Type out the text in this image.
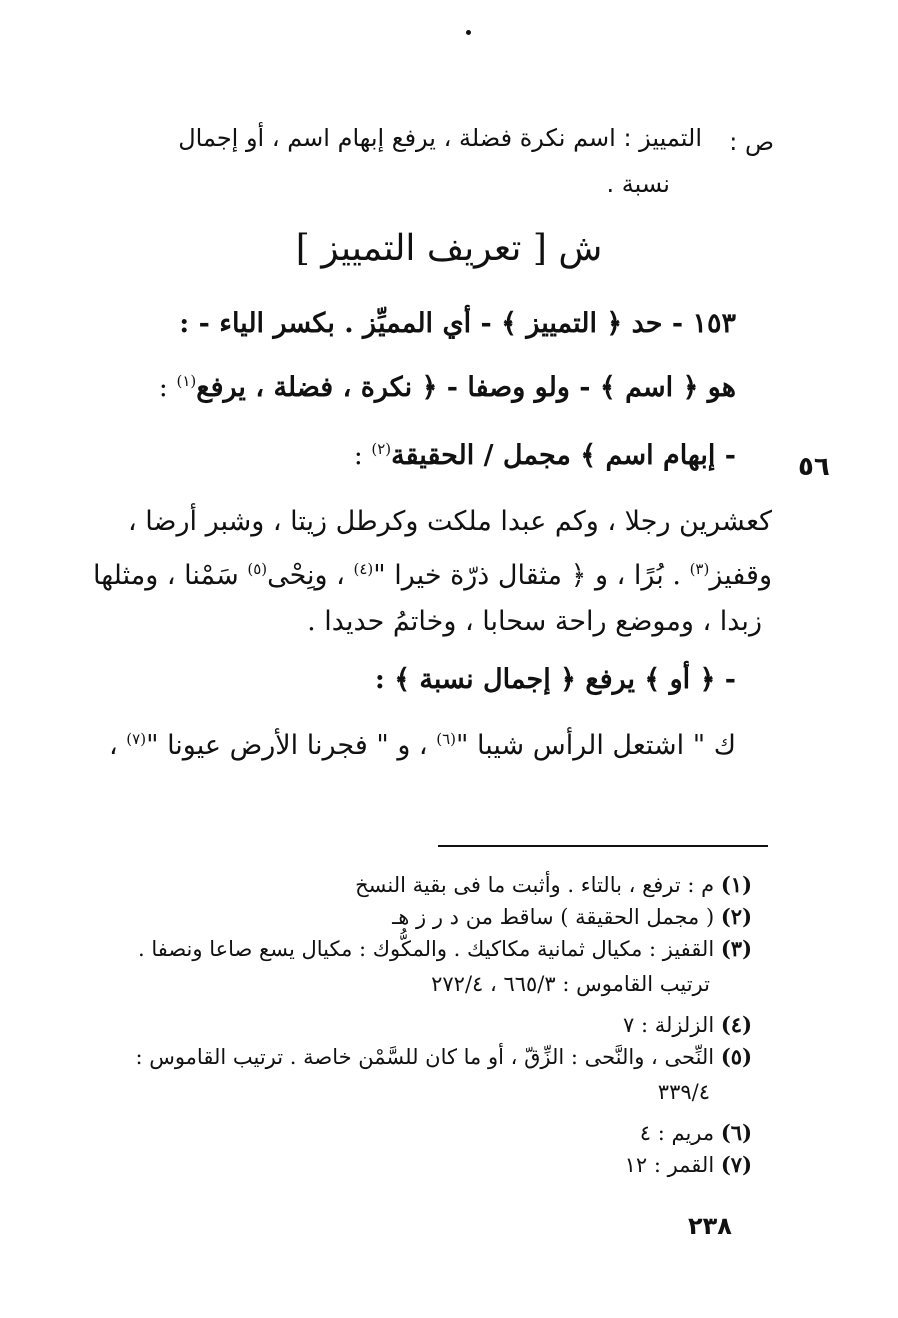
ص :
التمييز : اسم نكرة فضلة ، يرفع إبهام اسم ، أو إجمال
نسبة .
ش [ تعريف التمييز ]
١٥٣ - حد ﴿ التمييز ﴾ - أي المميِّز . بكسر الياء - :
هو ﴿ اسم ﴾ - ولو وصفا - ﴿ نكرة ، فضلة ، يرفع$^{(١)}$ :
- إبهام اسم ﴾ مجمل / الحقيقة$^{(٢)}$ :	٥٦
كعشرين رجلا ، وكم عبدا ملكت وكرطل زيتا ، وشبر أرضا ،
وقفيز$^{(٣)}$ . بُرًا ، و ﴿ مثقال ذرّة خيرا "$^{(٤)}$ ، ونِحْى$^{(٥)}$ سَمْنا ، ومثلها
زبدا ، وموضع راحة سحابا ، وخاتمُ حديدا .
- ﴿ أو ﴾ يرفع ﴿ إجمال نسبة ﴾ :
ك " اشتعل الرأس شيبا "$^{(٦)}$ ، و " فجرنا الأرض عيونا "$^{(٧)}$ ،
(١) م : ترفع ، بالتاء . وأثبت ما فى بقية النسخ
(٢) ( مجمل الحقيقة ) ساقط من د ر ز هـ
(٣) القفيز : مكيال ثمانية مكاكيك . والمكُّوك : مكيال يسع صاعا ونصفا .
ترتيب القاموس : ٦٦٥/٣ ، ٢٧٢/٤
(٤) الزلزلة : ٧
(٥) النِّحى ، والنَّحى : الزِّقّ ، أو ما كان للسَّمْن خاصة . ترتيب القاموس :
٣٣٩/٤
(٦) مريم : ٤
(٧) القمر : ١٢
٢٣٨
